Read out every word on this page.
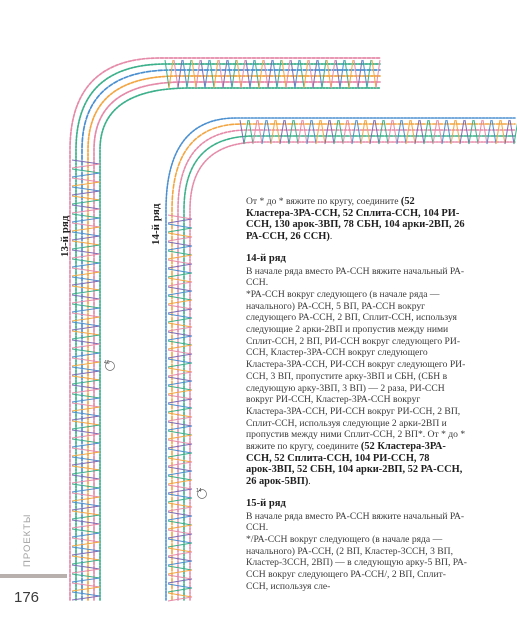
46
14
13-й ряд	14-й ряд

От * до * вяжите по кругу, соедините (52 Кластера-3РА-ССН, 52 Сплита-ССН, 104 РИ-ССН, 130 арок-3ВП, 78 СБН, 104 арки-2ВП, 26 РА-ССН, 26 ССН).

14-й ряд

В начале ряда вместо РА-ССН вяжите начальный РА-ССН.

*РА-ССН вокруг следующего (в начале ряда — начального) РА-ССН, 5 ВП, РА-ССН вокруг следующего РА-ССН, 2 ВП, Сплит-ССН, используя следующие 2 арки-2ВП и пропустив между ними Сплит-ССН, 2 ВП, РИ-ССН вокруг следующего РИ-ССН, Кластер-3РА-ССН вокруг следующего Кластера-3РА-ССН, РИ-ССН вокруг следующего РИ-ССН, 3 ВП, пропустите арку-3ВП и СБН, (СБН в следующую арку-3ВП, 3 ВП) — 2 раза, РИ-ССН вокруг РИ-ССН, Кластер-3РА-ССН вокруг Кластера-3РА-ССН, РИ-ССН вокруг РИ-ССН, 2 ВП, Сплит-ССН, используя следующие 2 арки-2ВП и пропустив между ними Сплит-ССН, 2 ВП*. От * до * вяжите по кругу, соедините (52 Кластера-3РА-ССН, 52 Сплита-ССН, 104 РИ-ССН, 78 арок-3ВП, 52 СБН, 104 арки-2ВП, 52 РА-ССН, 26 арок-5ВП).

15-й ряд

В начале ряда вместо РА-ССН вяжите начальный РА-ССН.

*/РА-ССН вокруг следующего (в начале ряда — начального) РА-ССН, (2 ВП, Кластер-3ССН, 3 ВП, Кластер-3ССН, 2ВП) — в следующую арку-5 ВП, РА-ССН вокруг следующего РА-ССН/, 2 ВП, Сплит-ССН, используя сле-

ПРОЕКТЫ
176
